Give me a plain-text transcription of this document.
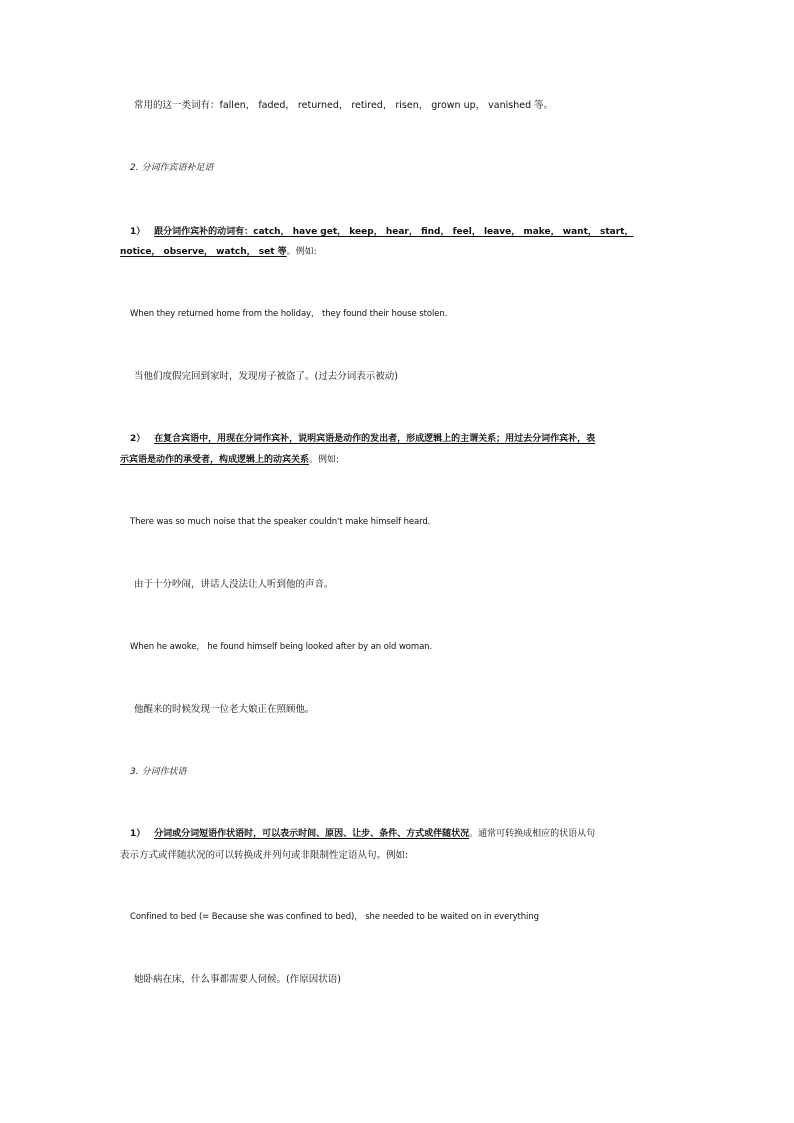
常用的这一类词有：fallen， faded， returned， retired， risen， grown up， vanished 等。
2. 分词作宾语补足语
1） 跟分词作宾补的动词有：catch， have get， keep， hear， find， feel， leave， make， want， start，
notice， observe， watch， set 等。例如:
When they returned home from the holiday， they found their house stolen.
当他们度假完回到家时，发现房子被盗了。(过去分词表示被动)
2） 在复合宾语中，用现在分词作宾补，说明宾语是动作的发出者，形成逻辑上的主谓关系；用过去分词作宾补，表
示宾语是动作的承受者，构成逻辑上的动宾关系。例如:
There was so much noise that the speaker couldn't make himself heard.
由于十分吵闹，讲话人没法让人听到他的声音。
When he awoke， he found himself being looked after by an old woman.
他醒来的时候发现一位老大娘正在照顾他。
3. 分词作状语
1） 分词或分词短语作状语时，可以表示时间、原因、让步、条件、方式或伴随状况。通常可转换成相应的状语从句
表示方式或伴随状况的可以转换成并列句或非限制性定语从句。例如:
Confined to bed (= Because she was confined to bed)， she needed to be waited on in everything
她卧病在床，什么事都需要人伺候。(作原因状语)
